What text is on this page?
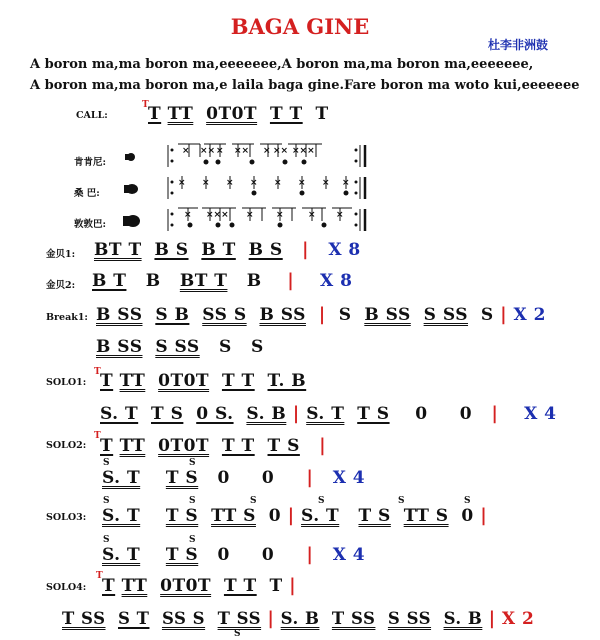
BAGA GINE
杜李非洲鼓
A boron ma,ma boron ma,eeeeeee,A boron ma,ma boron ma,eeeeeee,
A boron ma,ma boron ma,e laila baga gine.Fare boron ma woto kui,eeeeeee
CALL:
T T TT 0T0T T T T
肯肯尼:
桑 巴:
敦敦巴:
× ×× × ×× × ×× ×××
× × × × × × × ×
× ××× × ×	× ×
金贝1: BT T B S B T B S | X 8
金贝2: B T B BT T B | X 8
Break1: B SS S B SS S B SS | S B SS S SS S | X 2
B SS S SS S S
SOLO1:
T T TT 0T0T T T T. B
S. T T S 0 S. S. B | S. T T S 0 0 | X 4
SOLO2:
T T TT 0T0T T T T S |
S	S
S. T T S 0 0 | X 4
SOLO3:
S	S	S	S	S	S
S. T T S TT S 0 | S. T T S TT S 0 |
S	S
S. T T S 0 0 | X 4
SOLO4:
T T TT 0T0T T T T |
T SS S T SS S T SS | S. B T SS S SS S. B | X 2
S
